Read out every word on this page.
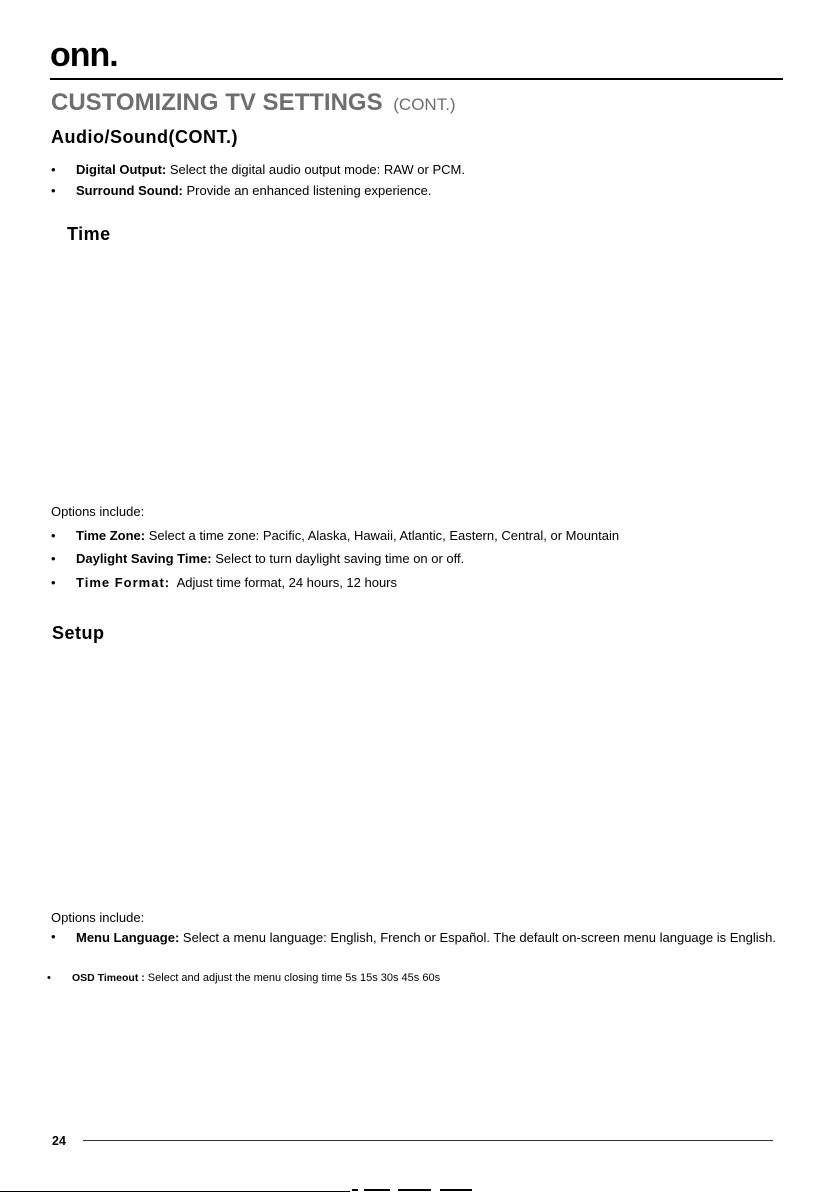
onn.
CUSTOMIZING TV SETTINGS (CONT.)
Audio/Sound(CONT.)
• Digital Output: Select the digital audio output mode: RAW or PCM.
• Surround Sound: Provide an enhanced listening experience.
Time
Options include:
• Time Zone: Select a time zone: Pacific, Alaska, Hawaii, Atlantic, Eastern, Central, or Mountain
• Daylight Saving Time: Select to turn daylight saving time on or off.
• Time Format: Adjust time format, 24 hours, 12 hours
Setup
Options include:
• Menu Language: Select a menu language: English, French or Español. The default on-screen menu language is English.
• OSD Timeout : Select and adjust the menu closing time 5s 15s 30s 45s 60s
24
